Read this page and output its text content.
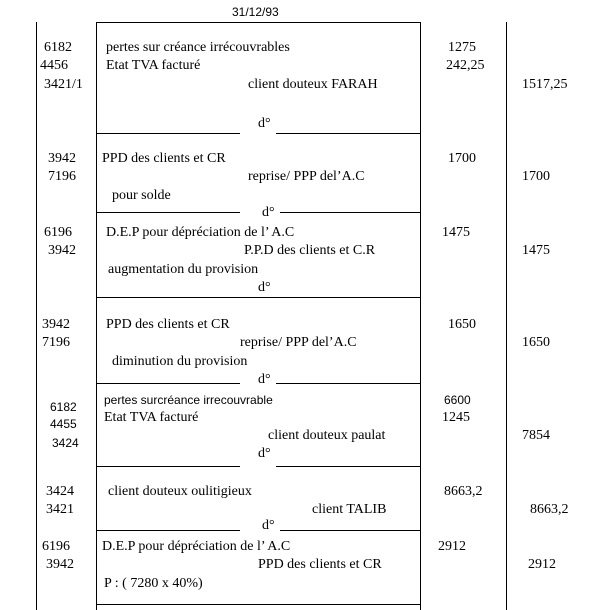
31/12/93
6182
4456
3421/1
pertes sur créance irrécouvrables
Etat TVA facturé
client douteux FARAH
1275
242,25
1517,25
d°
3942
7196
PPD des clients et CR
reprise/ PPP del’A.C
pour solde
1700
1700
d°
6196
3942
D.E.P pour dépréciation de l’ A.C
P.P.D des clients et C.R
augmentation du provision
1475
1475
d°
3942
7196
PPD des clients et CR
reprise/ PPP del’A.C
diminution du provision
1650
1650
d°
6182
4455
3424
pertes surcréance irrecouvrable
Etat TVA facturé
client douteux paulat
6600
1245
7854
d°
3424
3421
client douteux oulitigieux
client TALIB
8663,2
8663,2
d°
6196
3942
D.E.P pour dépréciation de l’ A.C
PPD des clients et CR
P : ( 7280 x 40%)
2912
2912
